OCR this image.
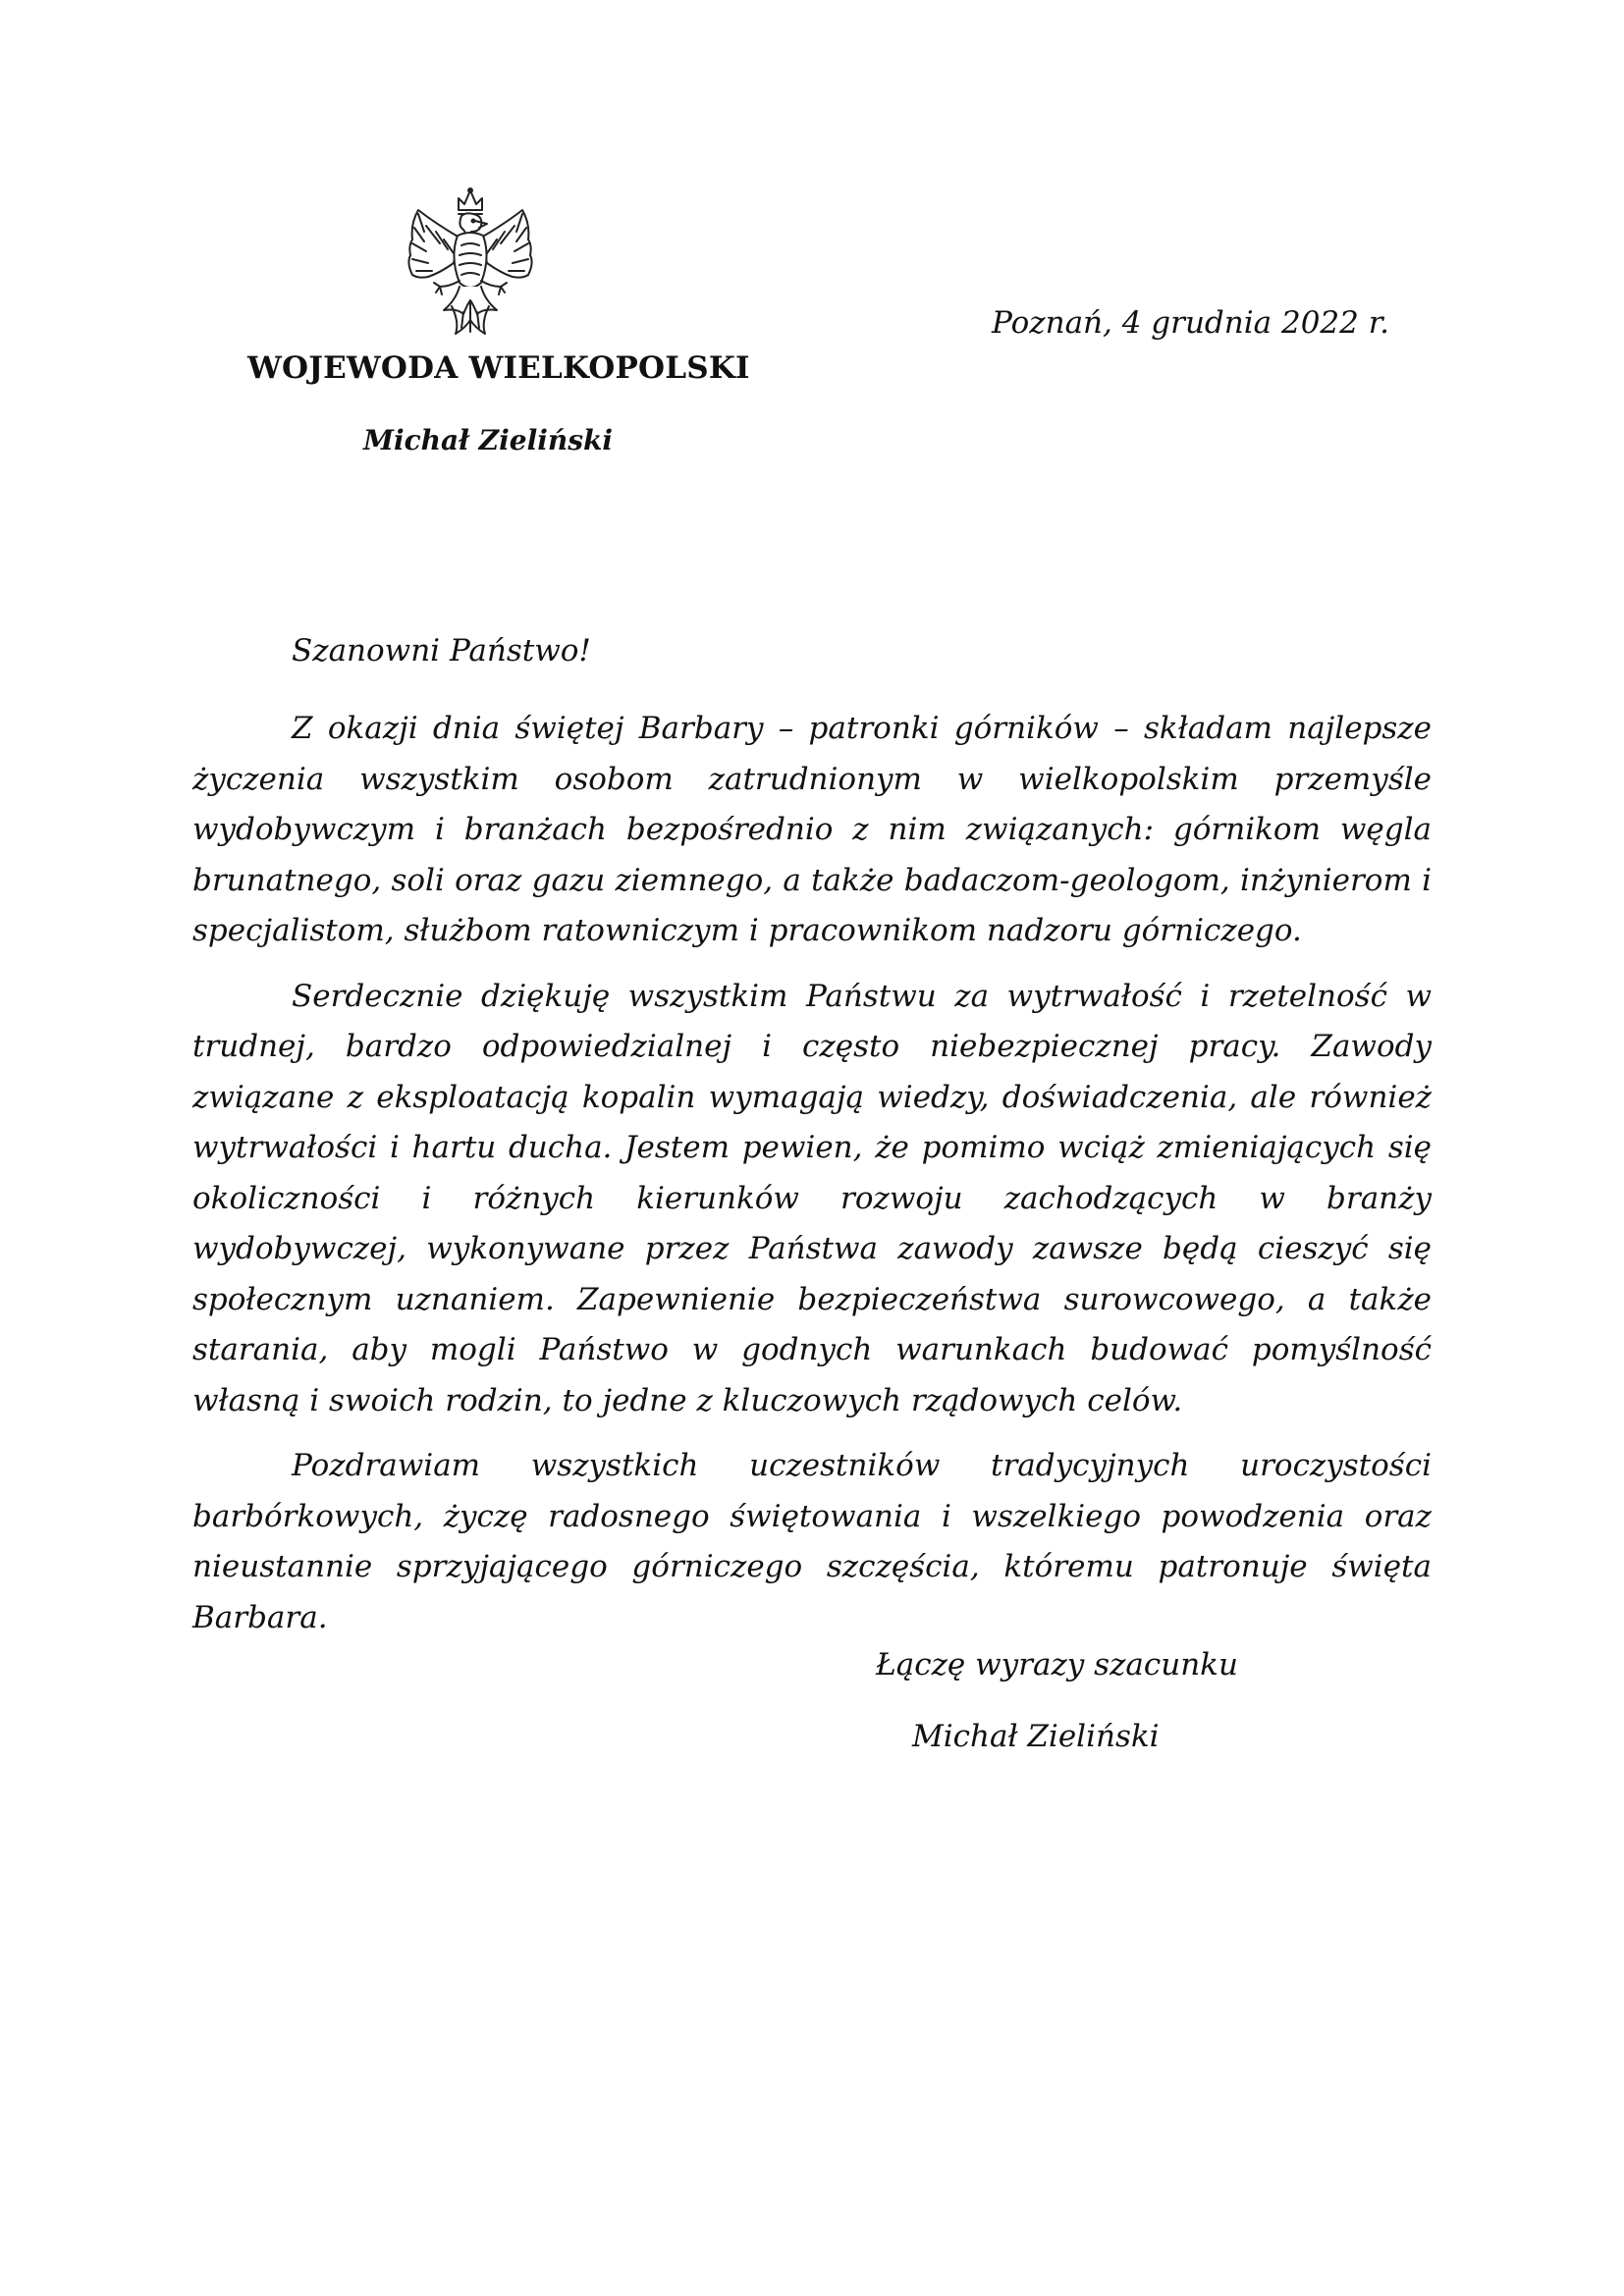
WOJEWODA WIELKOPOLSKI
Michał Zieliński
Poznań, 4 grudnia 2022 r.
Szanowni Państwo!

Z okazji dnia świętej Barbary – patronki górników – składam najlepsze życzenia wszystkim osobom zatrudnionym w wielkopolskim przemyśle wydobywczym i branżach bezpośrednio z nim związanych: górnikom węgla brunatnego, soli oraz gazu ziemnego, a także badaczom-geologom, inżynierom i specjalistom, służbom ratowniczym i pracownikom nadzoru górniczego.

Serdecznie dziękuję wszystkim Państwu za wytrwałość i rzetelność w trudnej, bardzo odpowiedzialnej i często niebezpiecznej pracy. Zawody związane z eksploatacją kopalin wymagają wiedzy, doświadczenia, ale również wytrwałości i hartu ducha. Jestem pewien, że pomimo wciąż zmieniających się okoliczności i różnych kierunków rozwoju zachodzących w branży wydobywczej, wykonywane przez Państwa zawody zawsze będą cieszyć się społecznym uznaniem. Zapewnienie bezpieczeństwa surowcowego, a także starania, aby mogli Państwo w godnych warunkach budować pomyślność własną i swoich rodzin, to jedne z kluczowych rządowych celów.

Pozdrawiam wszystkich uczestników tradycyjnych uroczystości barbórkowych, życzę radosnego świętowania i wszelkiego powodzenia oraz nieustannie sprzyjającego górniczego szczęścia, któremu patronuje święta Barbara.

Łączę wyrazy szacunku
Michał Zieliński
